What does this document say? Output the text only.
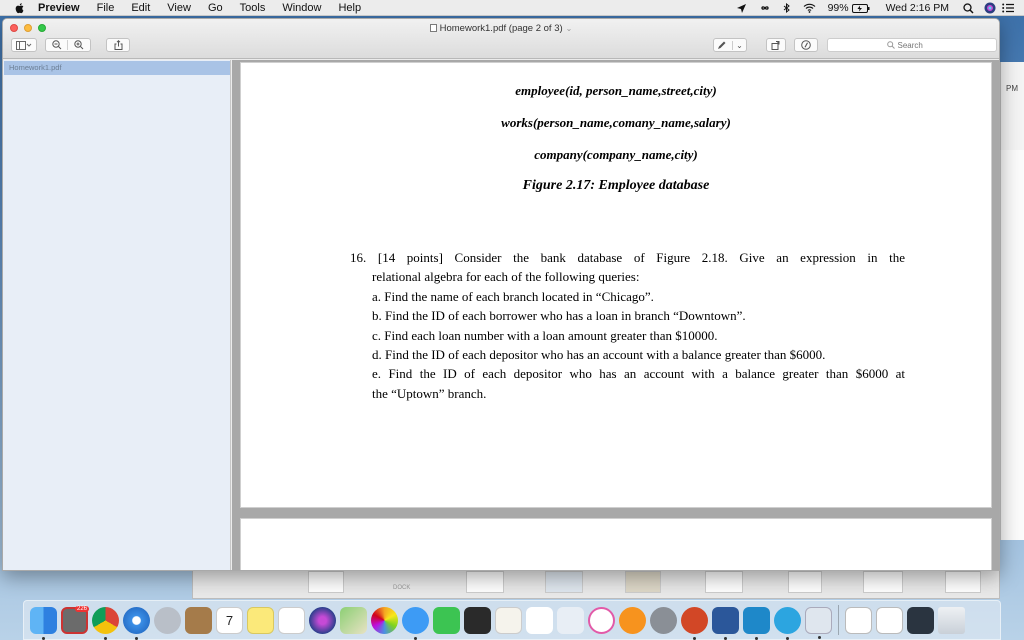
Preview File Edit View Go Tools Window Help	99%	Wed 2:16 PM
PM
DOCK
Homework1.pdf (page 2 of 3) ⌄
⌄
Search
Homework1.pdf
employee(id, person_name,street,city)
works(person_name,comany_name,salary)
company(company_name,city)
Figure 2.17: Employee database
16. [14 points] Consider the bank database of Figure 2.18. Give an expression in the
relational algebra for each of the following queries:
a. Find the name of each branch located in “Chicago”.
b. Find the ID of each borrower who has a loan in branch “Downtown”.
c. Find each loan number with a loan amount greater than $10000.
d. Find the ID of each depositor who has an account with a balance greater than $6000.
e. Find the ID of each depositor who has an account with a balance greater than $6000 at
the “Uptown” branch.
226
7
